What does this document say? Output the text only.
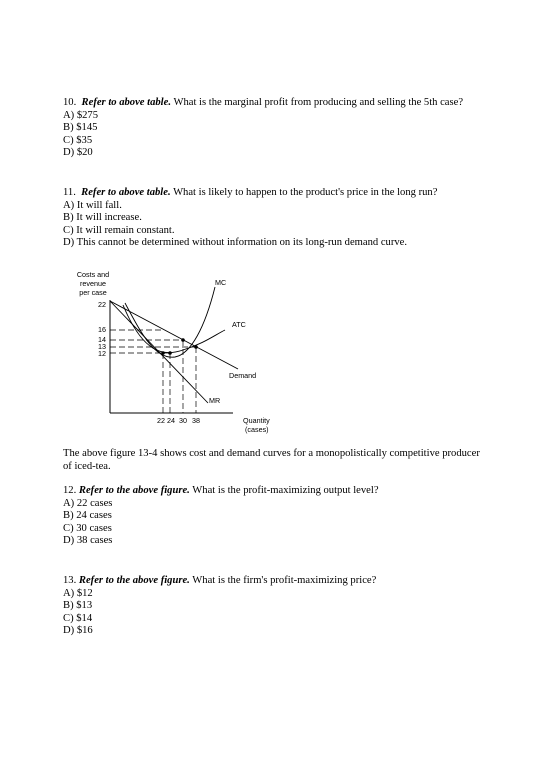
10. Refer to above table. What is the marginal profit from producing and selling the 5th case?

A) $275

B) $145

C) $35

D) $20

11. Refer to above table. What is likely to happen to the product's price in the long run?

A) It will fall.

B) It will increase.

C) It will remain constant.

D) This cannot be determined without information on its long-run demand curve.

Costs and
revenue
per case
22
16
14
13
12
MC
ATC
Demand
MR
22 24 30 38	Quantity
(cases)

The above figure 13-4 shows cost and demand curves for a monopolistically competitive producer of iced-tea.

12. Refer to the above figure. What is the profit-maximizing output level?

A) 22 cases

B) 24 cases

C) 30 cases

D) 38 cases

13. Refer to the above figure. What is the firm's profit-maximizing price?

A) $12

B) $13

C) $14

D) $16
